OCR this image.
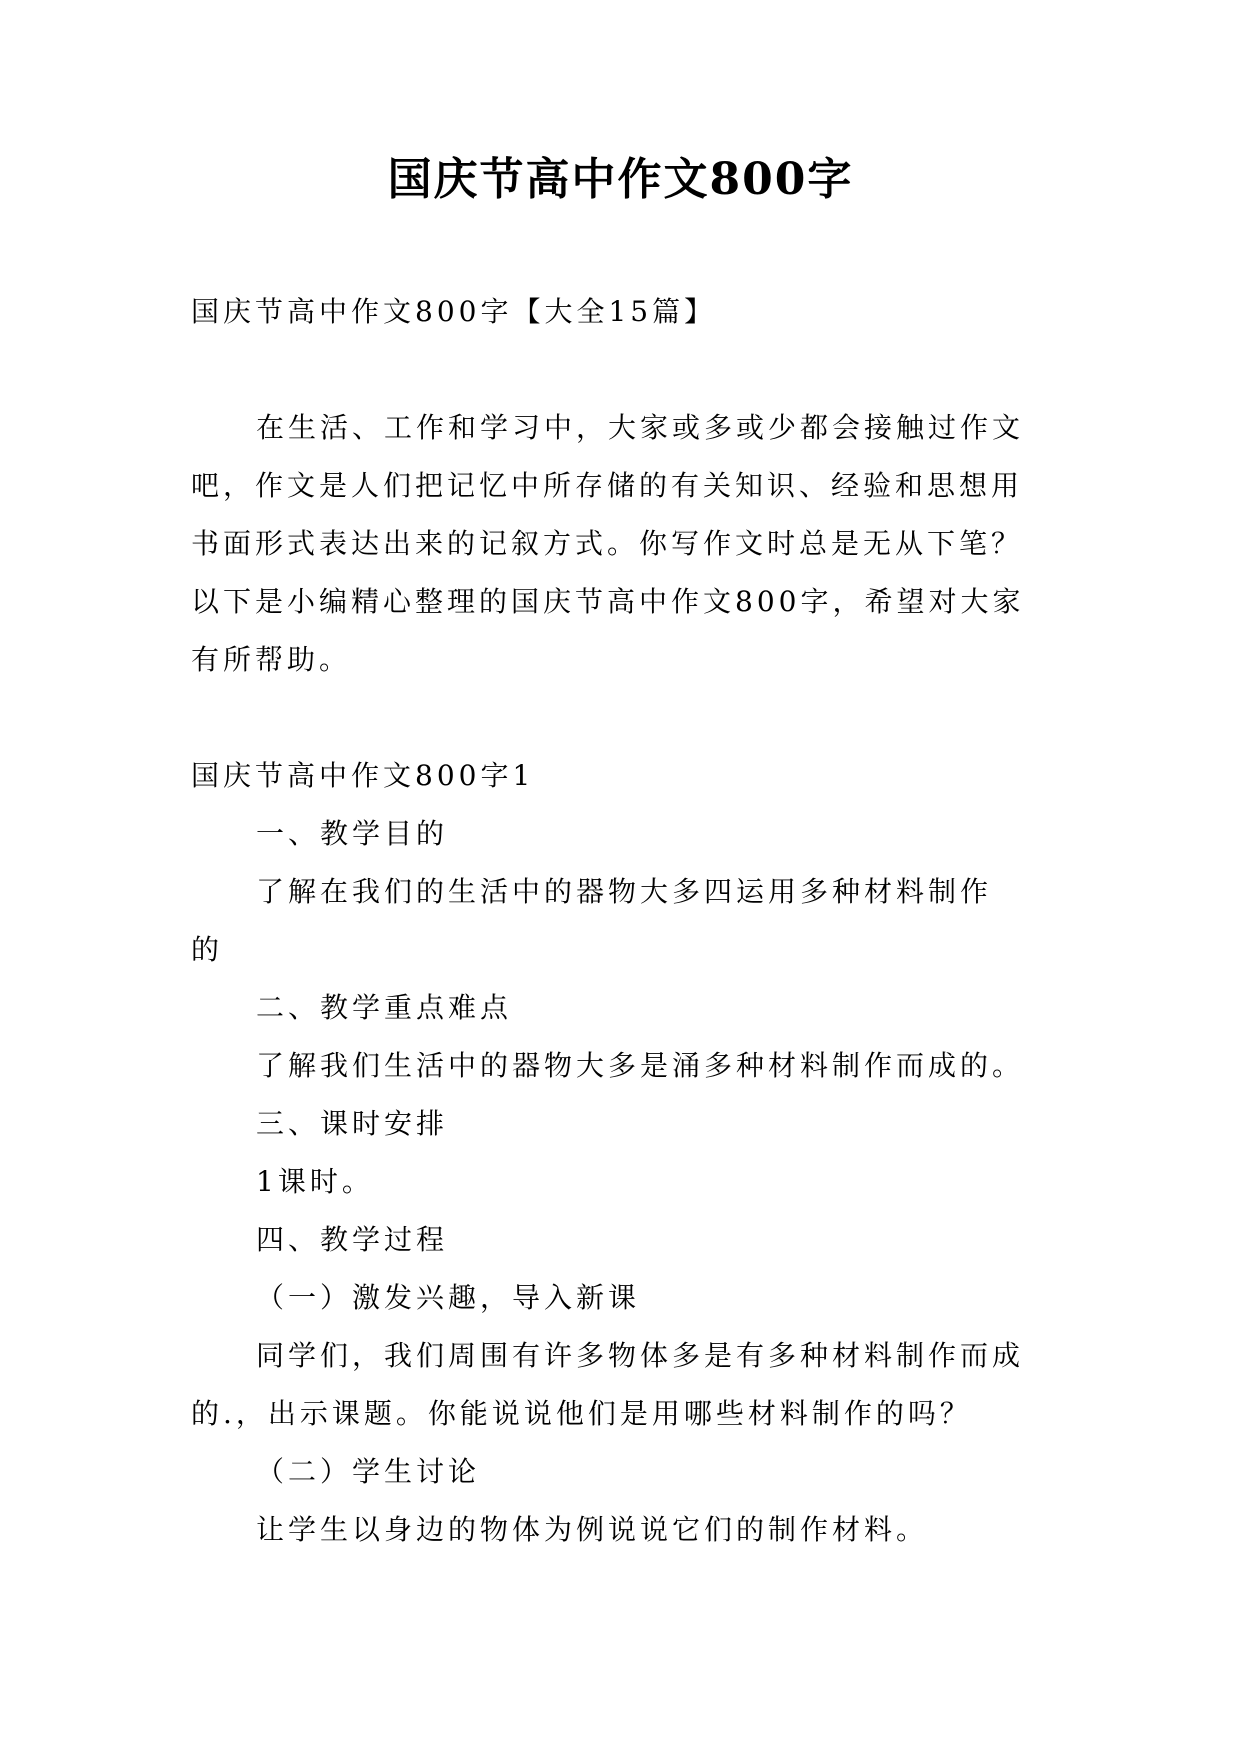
国庆节高中作文800字
国庆节高中作文800字【大全15篇】
在生活、工作和学习中，大家或多或少都会接触过作文
吧，作文是人们把记忆中所存储的有关知识、经验和思想用
书面形式表达出来的记叙方式。你写作文时总是无从下笔？
以下是小编精心整理的国庆节高中作文800字，希望对大家
有所帮助。
国庆节高中作文800字1
一、教学目的
了解在我们的生活中的器物大多四运用多种材料制作
的
二、教学重点难点
了解我们生活中的器物大多是涌多种材料制作而成的。
三、课时安排
1课时。
四、教学过程
（一）激发兴趣，导入新课
同学们，我们周围有许多物体多是有多种材料制作而成
的.，出示课题。你能说说他们是用哪些材料制作的吗？
（二）学生讨论
让学生以身边的物体为例说说它们的制作材料。
